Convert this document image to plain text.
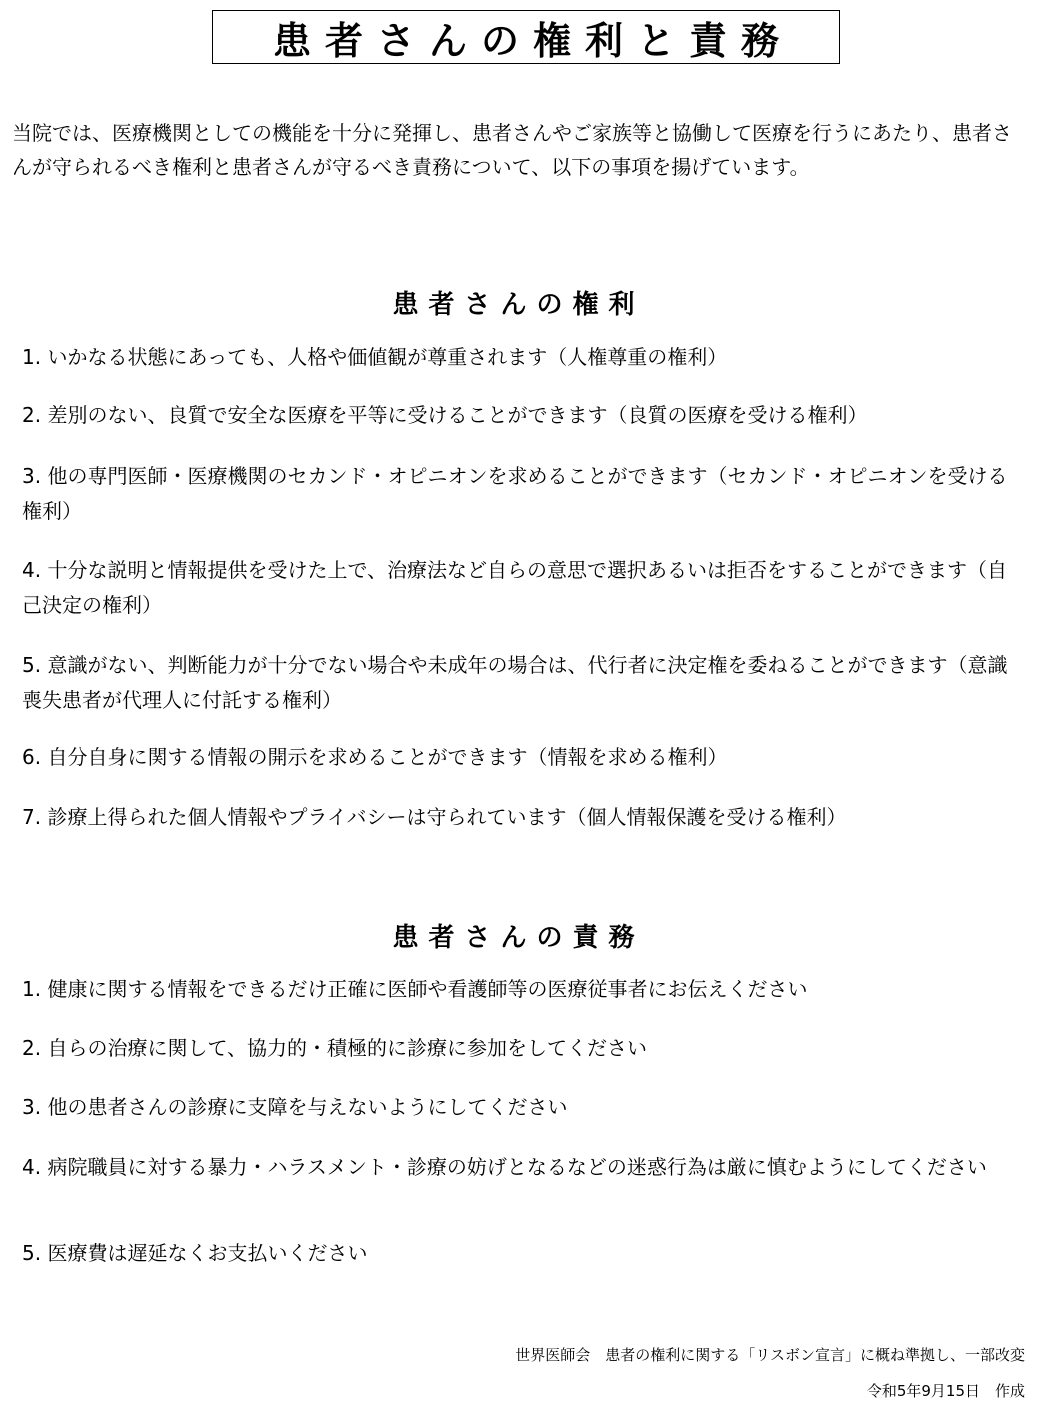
患者さんの権利と責務
当院では、医療機関としての機能を十分に発揮し、患者さんやご家族等と協働して医療を行うにあたり、患者さんが守られるべき権利と患者さんが守るべき責務について、以下の事項を揚げています。
患者さんの権利
1. いかなる状態にあっても、人格や価値観が尊重されます（人権尊重の権利）
2. 差別のない、良質で安全な医療を平等に受けることができます（良質の医療を受ける権利）
3. 他の専門医師・医療機関のセカンド・オピニオンを求めることができます（セカンド・オピニオンを受ける権利）
4. 十分な説明と情報提供を受けた上で、治療法など自らの意思で選択あるいは拒否をすることができます（自己決定の権利）
5. 意識がない、判断能力が十分でない場合や未成年の場合は、代行者に決定権を委ねることができます（意識喪失患者が代理人に付託する権利）
6. 自分自身に関する情報の開示を求めることができます（情報を求める権利）
7. 診療上得られた個人情報やプライバシーは守られています（個人情報保護を受ける権利）
患者さんの責務
1. 健康に関する情報をできるだけ正確に医師や看護師等の医療従事者にお伝えください
2. 自らの治療に関して、協力的・積極的に診療に参加をしてください
3. 他の患者さんの診療に支障を与えないようにしてください
4. 病院職員に対する暴力・ハラスメント・診療の妨げとなるなどの迷惑行為は厳に慎むようにしてください
5. 医療費は遅延なくお支払いください
世界医師会　患者の権利に関する「リスボン宣言」に概ね準拠し、一部改変
令和5年9月15日　作成
